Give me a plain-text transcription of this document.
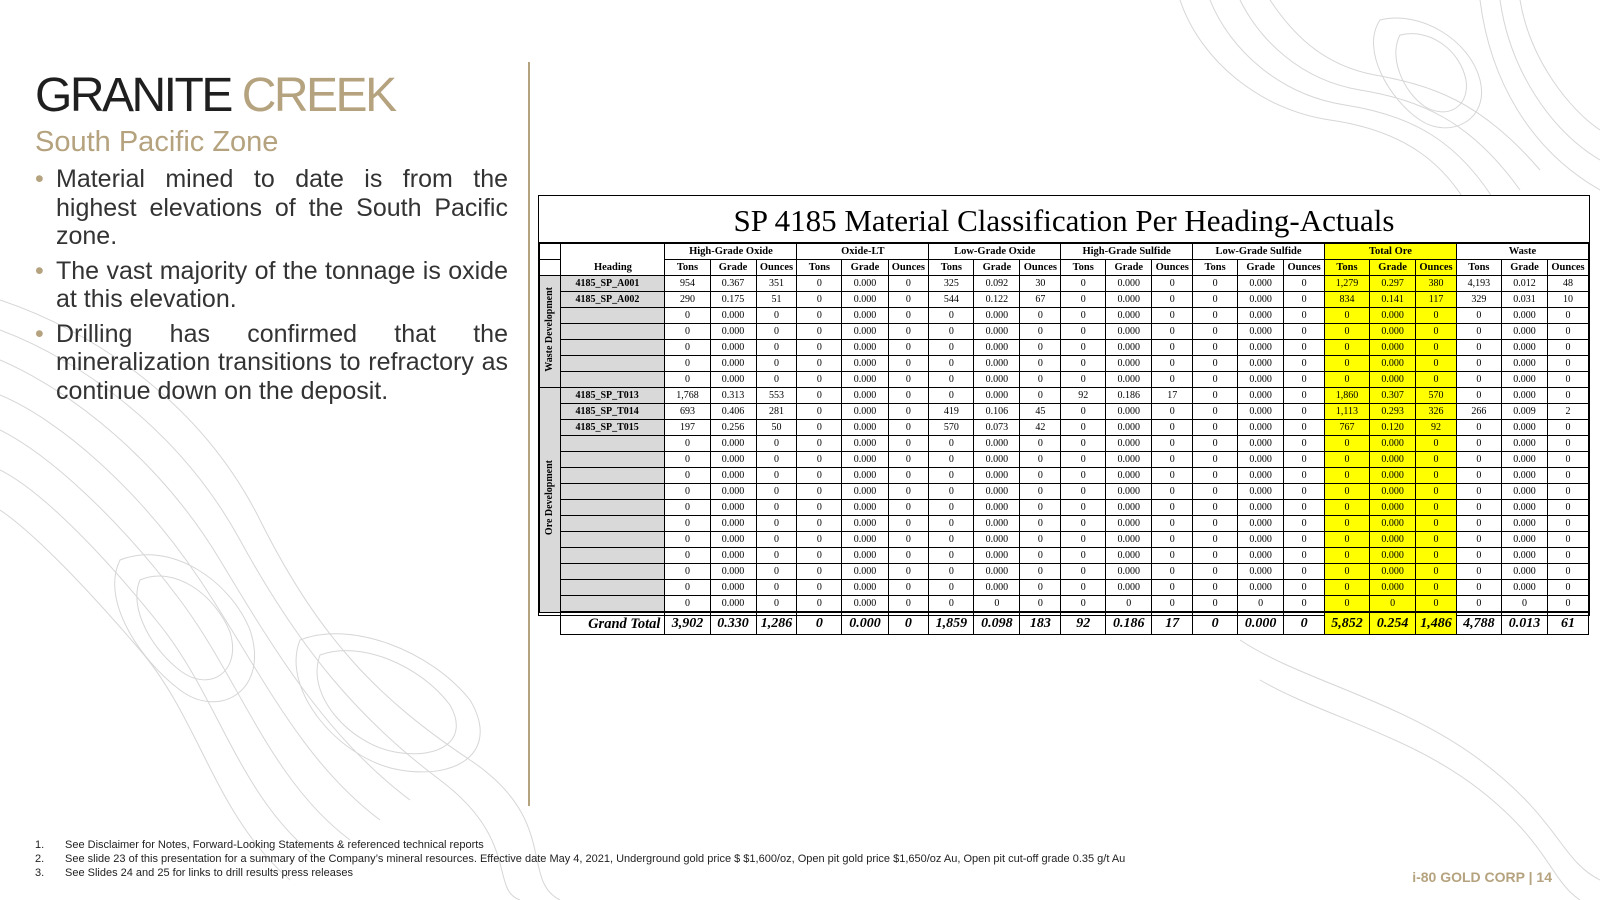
GRANITE CREEK
South Pacific Zone
• Material mined to date is from the highest elevations of the South Pacific zone.
• The vast majority of the tonnage is oxide at this elevation.
• Drilling has confirmed that the mineralization transitions to refractory as continue down on the deposit.
SP 4185 Material Classification Per Heading-Actuals
	Heading	High-Grade Oxide			Oxide-LT			Low-Grade Oxide			High-Grade Sulfide			Low-Grade Sulfide			Total Ore			Waste		
		Tons	Grade	Ounces	Tons	Grade	Ounces	Tons	Grade	Ounces	Tons	Grade	Ounces	Tons	Grade	Ounces	Tons	Grade	Ounces	Tons	Grade	Ounces
Waste Development	4185_SP_A001	954	0.367	351	0	0.000	0	325	0.092	30	0	0.000	0	0	0.000	0	1,279	0.297	380	4,193	0.012	48
	4185_SP_A002	290	0.175	51	0	0.000	0	544	0.122	67	0	0.000	0	0	0.000	0	834	0.141	117	329	0.031	10
		0	0.000	0	0	0.000	0	0	0.000	0	0	0.000	0	0	0.000	0	0	0.000	0	0	0.000	0
		0	0.000	0	0	0.000	0	0	0.000	0	0	0.000	0	0	0.000	0	0	0.000	0	0	0.000	0
		0	0.000	0	0	0.000	0	0	0.000	0	0	0.000	0	0	0.000	0	0	0.000	0	0	0.000	0
		0	0.000	0	0	0.000	0	0	0.000	0	0	0.000	0	0	0.000	0	0	0.000	0	0	0.000	0
		0	0.000	0	0	0.000	0	0	0.000	0	0	0.000	0	0	0.000	0	0	0.000	0	0	0.000	0
Ore Development	4185_SP_T013	1,768	0.313	553	0	0.000	0	0	0.000	0	92	0.186	17	0	0.000	0	1,860	0.307	570	0	0.000	0
	4185_SP_T014	693	0.406	281	0	0.000	0	419	0.106	45	0	0.000	0	0	0.000	0	1,113	0.293	326	266	0.009	2
	4185_SP_T015	197	0.256	50	0	0.000	0	570	0.073	42	0	0.000	0	0	0.000	0	767	0.120	92	0	0.000	0
		0	0.000	0	0	0.000	0	0	0.000	0	0	0.000	0	0	0.000	0	0	0.000	0	0	0.000	0
		0	0.000	0	0	0.000	0	0	0.000	0	0	0.000	0	0	0.000	0	0	0.000	0	0	0.000	0
		0	0.000	0	0	0.000	0	0	0.000	0	0	0.000	0	0	0.000	0	0	0.000	0	0	0.000	0
		0	0.000	0	0	0.000	0	0	0.000	0	0	0.000	0	0	0.000	0	0	0.000	0	0	0.000	0
		0	0.000	0	0	0.000	0	0	0.000	0	0	0.000	0	0	0.000	0	0	0.000	0	0	0.000	0
		0	0.000	0	0	0.000	0	0	0.000	0	0	0.000	0	0	0.000	0	0	0.000	0	0	0.000	0
		0	0.000	0	0	0.000	0	0	0.000	0	0	0.000	0	0	0.000	0	0	0.000	0	0	0.000	0
		0	0.000	0	0	0.000	0	0	0.000	0	0	0.000	0	0	0.000	0	0	0.000	0	0	0.000	0
		0	0.000	0	0	0.000	0	0	0.000	0	0	0.000	0	0	0.000	0	0	0.000	0	0	0.000	0
		0	0.000	0	0	0.000	0	0	0.000	0	0	0.000	0	0	0.000	0	0	0.000	0	0	0.000	0
		0	0.000	0	0	0.000	0	0	0	0	0	0	0	0	0	0	0	0	0	0	0	0
	Grand Total	3,902	0.330	1,286	0	0.000	0	1,859	0.098	183	92	0.186	17	0	0.000	0	5,852	0.254	1,486	4,788	0.013	61
1.	See Disclaimer for Notes, Forward-Looking Statements & referenced technical reports
2.	See slide 23 of this presentation for a summary of the Company’s mineral resources. Effective date May 4, 2021, Underground gold price $ $1,600/oz, Open pit gold price $1,650/oz Au, Open pit cut-off grade 0.35 g/t Au
3.	See Slides 24 and 25 for links to drill results press releases	i-80 GOLD CORP | 14
